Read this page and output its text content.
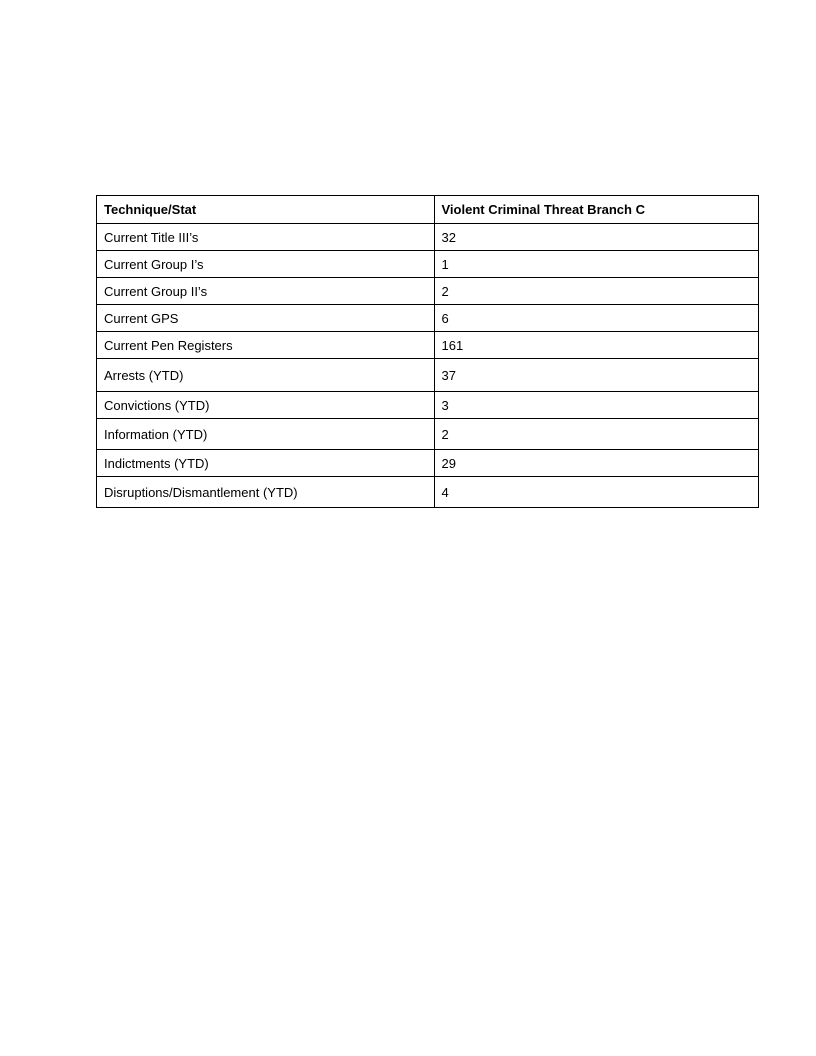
Technique/Stat	Violent Criminal Threat Branch C
Current Title III’s	32
Current Group I’s	1
Current Group II’s	2
Current GPS	6
Current Pen Registers	161
Arrests (YTD)	37
Convictions (YTD)	3
Information (YTD)	2
Indictments (YTD)	29
Disruptions/Dismantlement (YTD)	4
